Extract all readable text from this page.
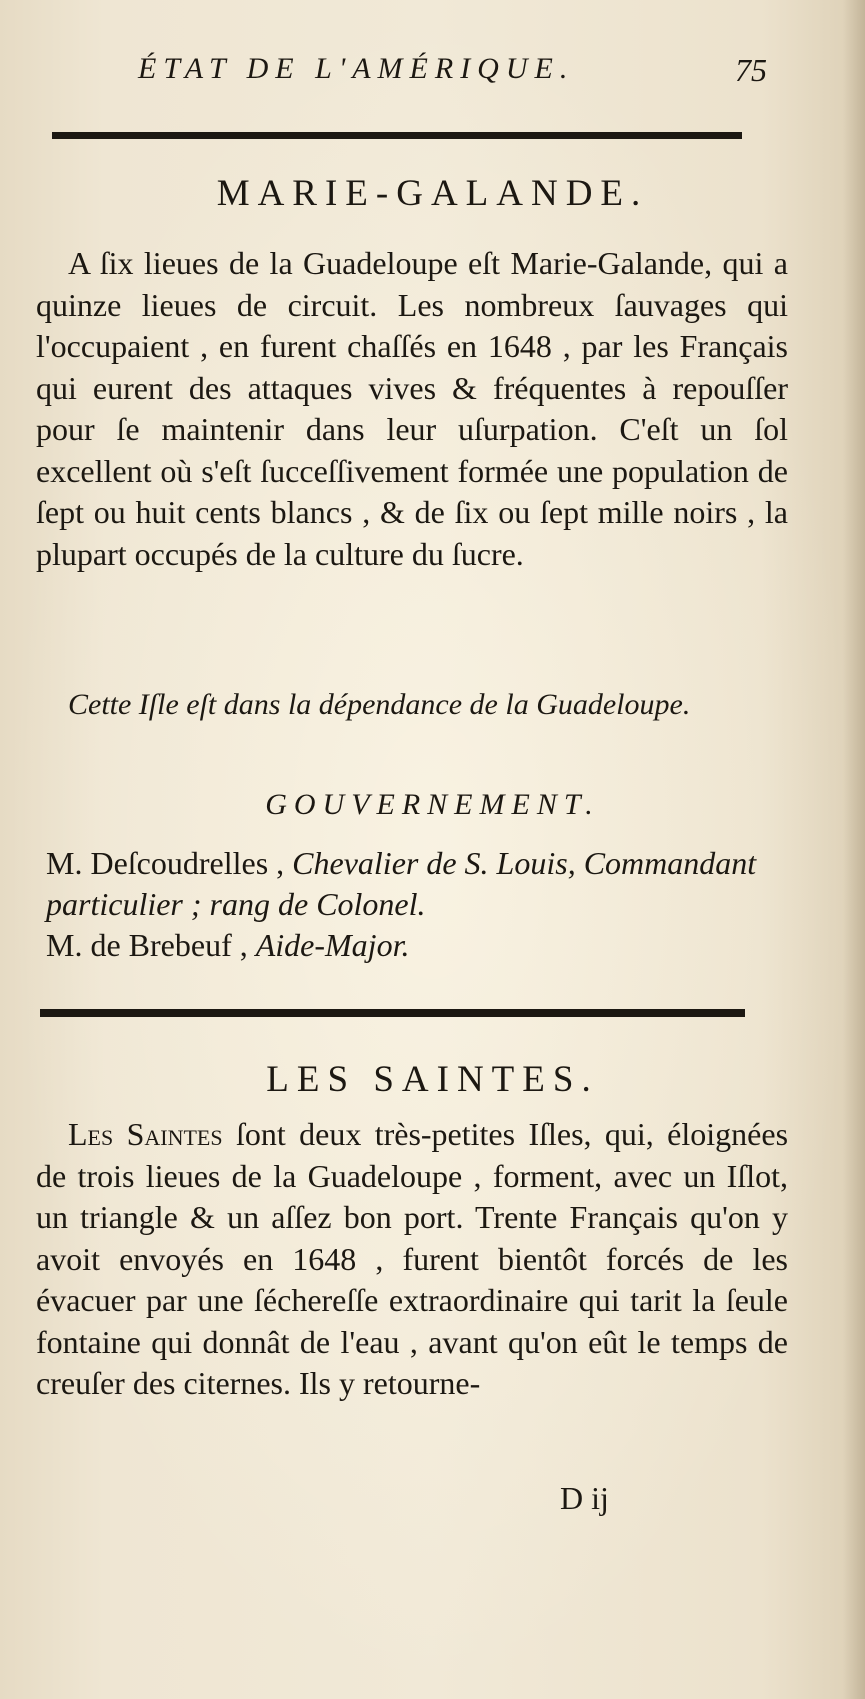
ÉTAT DE L'AMÉRIQUE.	75
MARIE-GALANDE.
A ſix lieues de la Guadeloupe eſt Marie-Galande, qui a quinze lieues de circuit. Les nombreux ſauvages qui l'occupaient , en furent chaſſés en 1648 , par les Français qui eurent des attaques vives & fréquentes à repouſſer pour ſe maintenir dans leur uſurpation. C'eſt un ſol excellent où s'eſt ſucceſſivement formée une population de ſept ou huit cents blancs , & de ſix ou ſept mille noirs , la plupart occupés de la culture du ſucre.
Cette Iſle eſt dans la dépendance de la Guadeloupe.
GOUVERNEMENT.
M. Deſcoudrelles , Chevalier de S. Louis, Commandant particulier ; rang de Colonel.
M. de Brebeuf , Aide-Major.
LES SAINTES.
Les Saintes ſont deux très-petites Iſles, qui, éloignées de trois lieues de la Guadeloupe , forment, avec un Iſlot, un triangle & un aſſez bon port. Trente Français qu'on y avoit envoyés en 1648 , furent bientôt forcés de les évacuer par une ſéchereſſe extraordinaire qui tarit la ſeule fontaine qui donnât de l'eau , avant qu'on eût le temps de creuſer des citernes. Ils y retourne-
D ij
